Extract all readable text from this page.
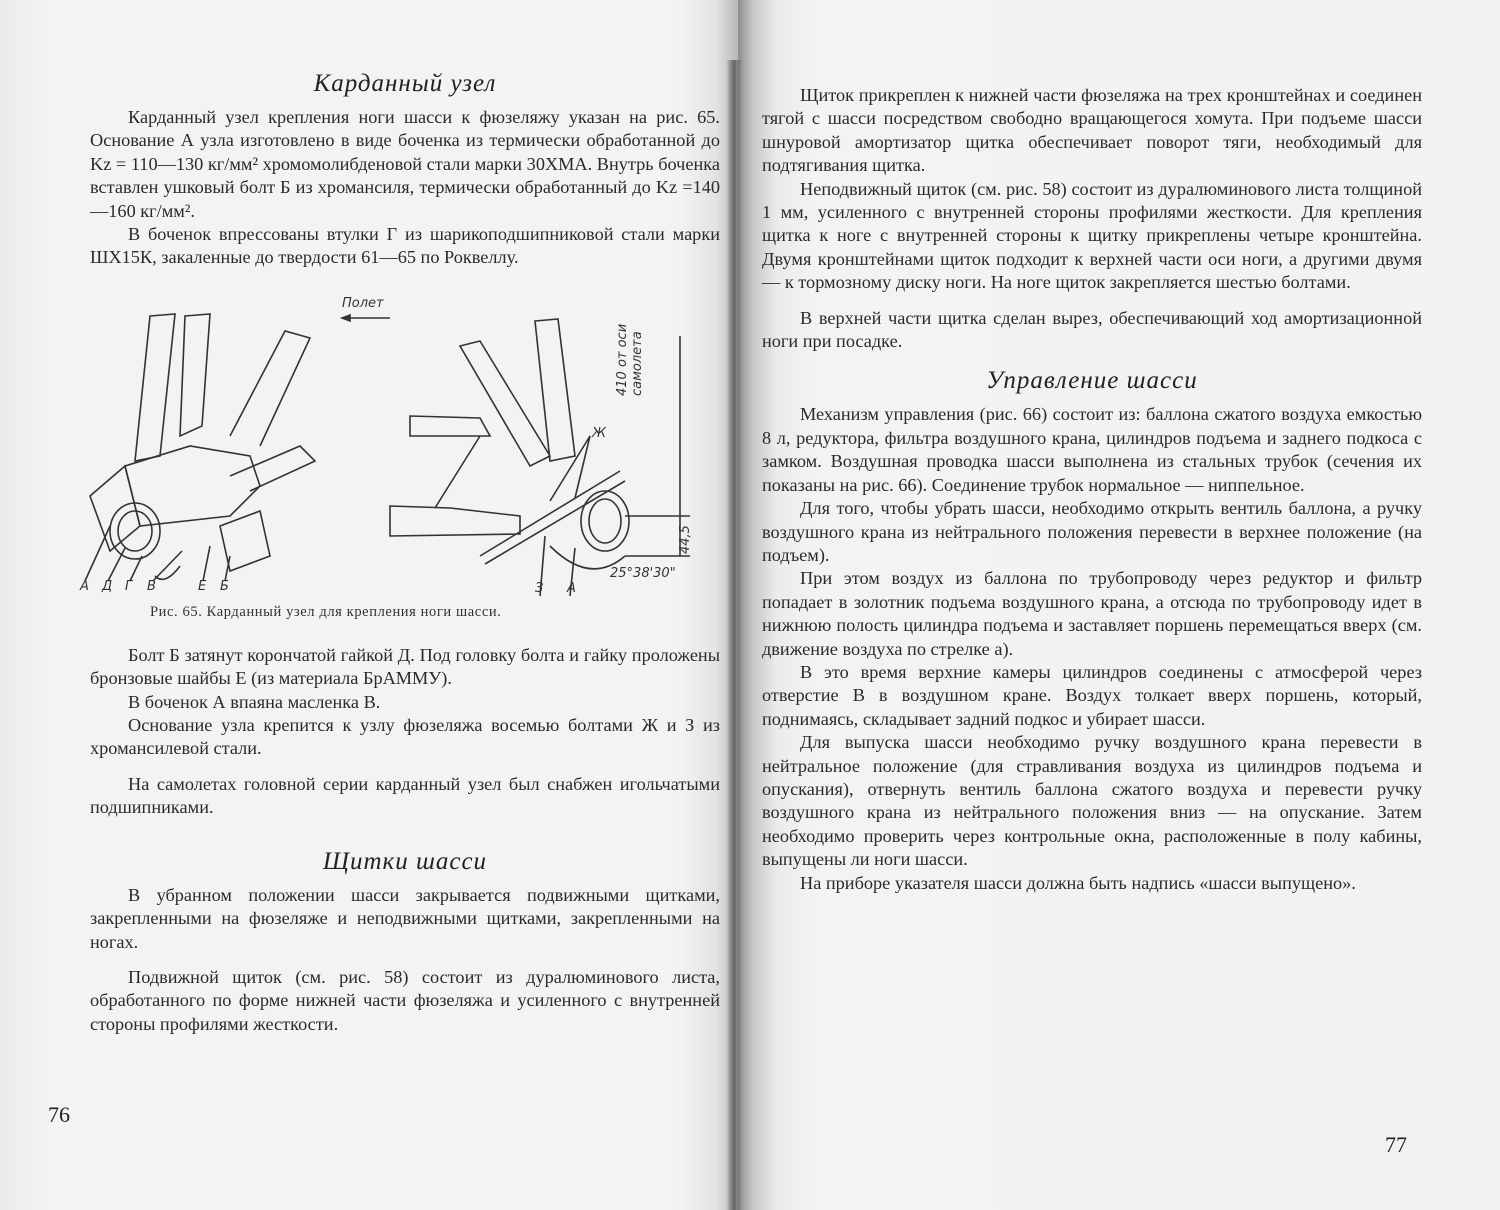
Карданный узел

Карданный узел крепления ноги шасси к фюзеляжу указан на рис. 65. Основание А узла изготовлено в виде боченка из термически обработанной до Kz = 110—130 кг/мм² хромомолибденовой стали марки 30ХМА. Внутрь боченка вставлен ушковый болт Б из хромансиля, термически обработанный до Kz =140—160 кг/мм².

В боченок впрессованы втулки Г из шарикоподшипниковой стали марки ШХ15К, закаленные до твердости 61—65 по Роквеллу.

Полет
А Д Г В	Е Б
Ж
З А
410 от оси самолета
44,5
25°38'30"
Рис. 65. Карданный узел для крепления ноги шасси.

Болт Б затянут корончатой гайкой Д. Под головку болта и гайку проложены бронзовые шайбы Е (из материала БрАММУ).

В боченок А впаяна масленка В.

Основание узла крепится к узлу фюзеляжа восемью болтами Ж и З из хромансилевой стали.

На самолетах головной серии карданный узел был снабжен игольчатыми подшипниками.

Щитки шасси

В убранном положении шасси закрывается подвижными щитками, закрепленными на фюзеляже и неподвижными щитками, закрепленными на ногах.

Подвижной щиток (см. рис. 58) состоит из дуралюминового листа, обработанного по форме нижней части фюзеляжа и усиленного с внутренней стороны профилями жесткости.

76

Щиток прикреплен к нижней части фюзеляжа на трех кронштейнах и соединен тягой с шасси посредством свободно вращающегося хомута. При подъеме шасси шнуровой амортизатор щитка обеспечивает поворот тяги, необходимый для подтягивания щитка.

Неподвижный щиток (см. рис. 58) состоит из дуралюминового листа толщиной 1 мм, усиленного с внутренней стороны профилями жесткости. Для крепления щитка к ноге с внутренней стороны к щитку прикреплены четыре кронштейна. Двумя кронштейнами щиток подходит к верхней части оси ноги, а другими двумя — к тормозному диску ноги. На ноге щиток закрепляется шестью болтами.

В верхней части щитка сделан вырез, обеспечивающий ход амортизационной ноги при посадке.

Управление шасси

Механизм управления (рис. 66) состоит из: баллона сжатого воздуха емкостью 8 л, редуктора, фильтра воздушного крана, цилиндров подъема и заднего подкоса с замком. Воздушная проводка шасси выполнена из стальных трубок (сечения их показаны на рис. 66). Соединение трубок нормальное — ниппельное.

Для того, чтобы убрать шасси, необходимо открыть вентиль баллона, а ручку воздушного крана из нейтрального положения перевести в верхнее положение (на подъем).

При этом воздух из баллона по трубопроводу через редуктор и фильтр попадает в золотник подъема воздушного крана, а отсюда по трубопроводу идет в нижнюю полость цилиндра подъема и заставляет поршень перемещаться вверх (см. движение воздуха по стрелке а).

В это время верхние камеры цилиндров соединены с атмосферой через отверстие В в воздушном кране. Воздух толкает вверх поршень, который, поднимаясь, складывает задний подкос и убирает шасси.

Для выпуска шасси необходимо ручку воздушного крана перевести в нейтральное положение (для стравливания воздуха из цилиндров подъема и опускания), отвернуть вентиль баллона сжатого воздуха и перевести ручку воздушного крана из нейтрального положения вниз — на опускание. Затем необходимо проверить через контрольные окна, расположенные в полу кабины, выпущены ли ноги шасси.

На приборе указателя шасси должна быть надпись «шасси выпущено».

77
